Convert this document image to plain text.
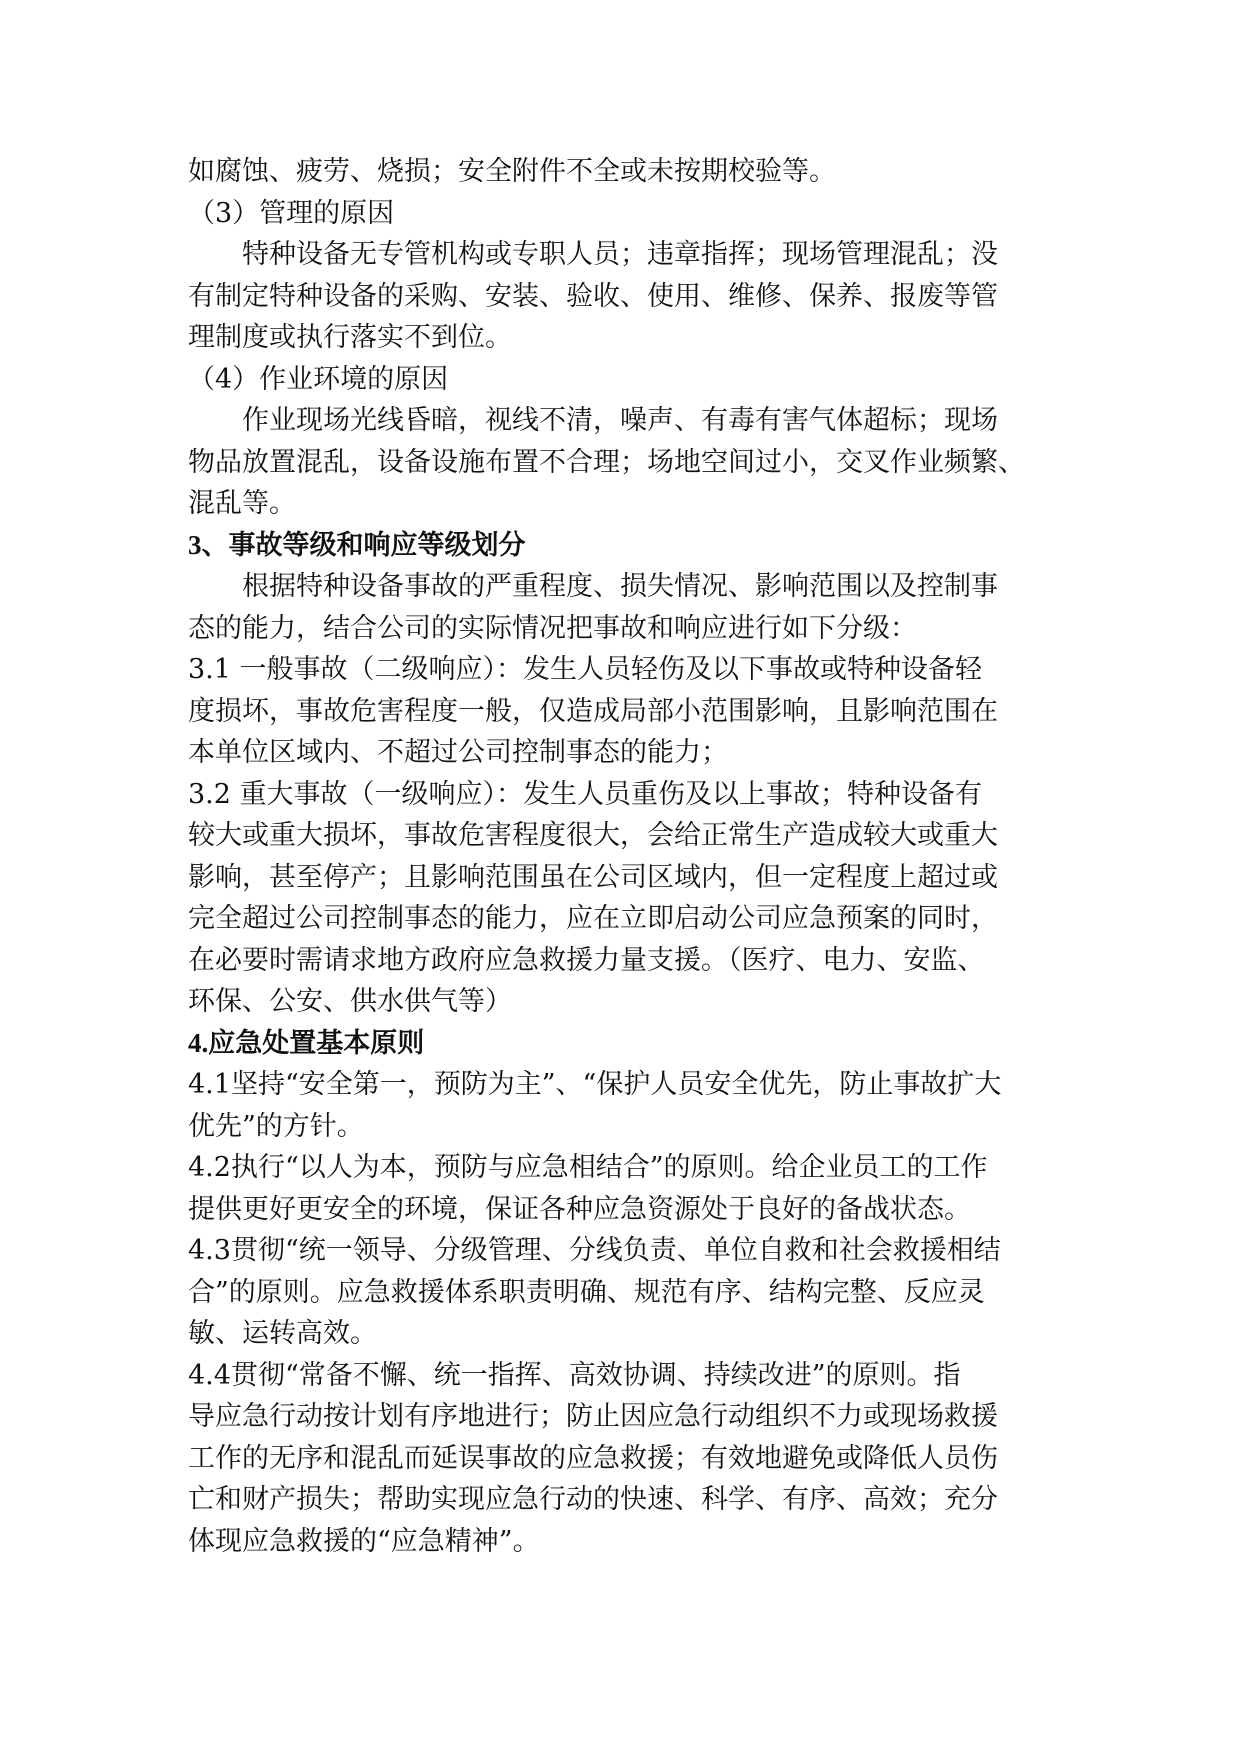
如腐蚀、疲劳、烧损；安全附件不全或未按期校验等。
（3）管理的原因
特种设备无专管机构或专职人员；违章指挥；现场管理混乱；没
有制定特种设备的采购、安装、验收、使用、维修、保养、报废等管
理制度或执行落实不到位。
（4）作业环境的原因
作业现场光线昏暗，视线不清，噪声、有毒有害气体超标；现场
物品放置混乱，设备设施布置不合理；场地空间过小，交叉作业频繁、
混乱等。
3、事故等级和响应等级划分
根据特种设备事故的严重程度、损失情况、影响范围以及控制事
态的能力，结合公司的实际情况把事故和响应进行如下分级：
3.1 一般事故（二级响应）：发生人员轻伤及以下事故或特种设备轻
度损坏，事故危害程度一般，仅造成局部小范围影响，且影响范围在
本单位区域内、不超过公司控制事态的能力；
3.2 重大事故（一级响应）：发生人员重伤及以上事故；特种设备有
较大或重大损坏，事故危害程度很大，会给正常生产造成较大或重大
影响，甚至停产；且影响范围虽在公司区域内，但一定程度上超过或
完全超过公司控制事态的能力，应在立即启动公司应急预案的同时，
在必要时需请求地方政府应急救援力量支援。（医疗、电力、安监、
环保、公安、供水供气等）
4.应急处置基本原则
4.1坚持“安全第一，预防为主”、“保护人员安全优先，防止事故扩大
优先”的方针。
4.2执行“以人为本，预防与应急相结合”的原则。给企业员工的工作
提供更好更安全的环境，保证各种应急资源处于良好的备战状态。
4.3贯彻“统一领导、分级管理、分线负责、单位自救和社会救援相结
合”的原则。应急救援体系职责明确、规范有序、结构完整、反应灵
敏、运转高效。
4.4贯彻“常备不懈、统一指挥、高效协调、持续改进”的原则。指
导应急行动按计划有序地进行；防止因应急行动组织不力或现场救援
工作的无序和混乱而延误事故的应急救援；有效地避免或降低人员伤
亡和财产损失；帮助实现应急行动的快速、科学、有序、高效；充分
体现应急救援的“应急精神”。
